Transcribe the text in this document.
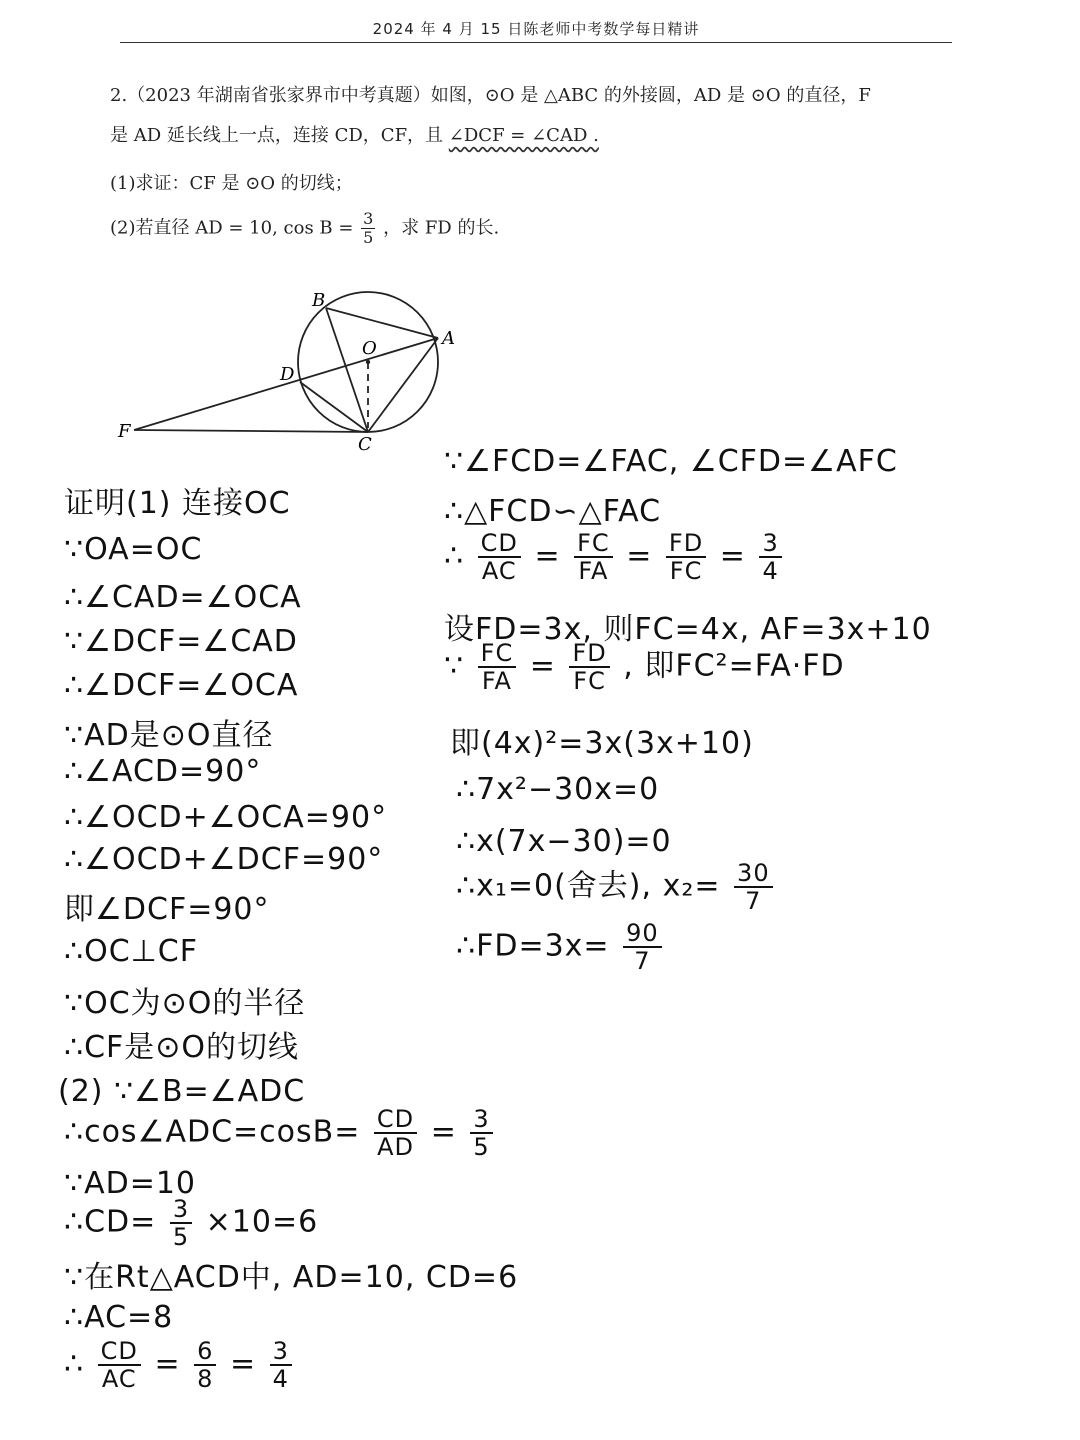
2024 年 4 月 15 日陈老师中考数学每日精讲
2.（2023 年湖南省张家界市中考真题）如图，⊙O 是 △ABC 的外接圆，AD 是 ⊙O 的直径，F
是 AD 延长线上一点，连接 CD，CF，且 ∠DCF = ∠CAD .
(1)求证：CF 是 ⊙O 的切线；
(2)若直径 AD = 10, $\cos B = \frac{3}{5}$ ，求 FD 的长.
B
A
O
D
C
F
证明(1) 连接OC
∵OA=OC
∴∠CAD=∠OCA
∵∠DCF=∠CAD
∴∠DCF=∠OCA
∵AD是⊙O直径
∴∠ACD=90°
∴∠OCD+∠OCA=90°
∴∠OCD+∠DCF=90°
即∠DCF=90°
∴OC⊥CF
∵OC为⊙O的半径
∴CF是⊙O的切线
(2) ∵∠B=∠ADC
∴cos∠ADC=cosB= $\frac{CD}{AD} = \frac{3}{5}$
∵AD=10
∴CD= $\frac{3}{5} \times 10=6$
∵在Rt△ACD中, AD=10, CD=6
∴AC=8
∴ $\frac{CD}{AC} = \frac{6}{8} = \frac{3}{4}$
∵∠FCD=∠FAC, ∠CFD=∠AFC
∴△FCD∽△FAC
∴ $\frac{CD}{AC} = \frac{FC}{FA} = \frac{FD}{FC} = \frac{3}{4}$
设FD=3x, 则FC=4x, AF=3x+10
∵ $\frac{FC}{FA} = \frac{FD}{FC}$ , 即FC²=FA·FD
即(4x)²=3x(3x+10)
∴7x²−30x=0
∴x(7x−30)=0
∴x₁=0(舍去), $x_2= \frac{30}{7}$
∴FD=3x= $\frac{90}{7}$
